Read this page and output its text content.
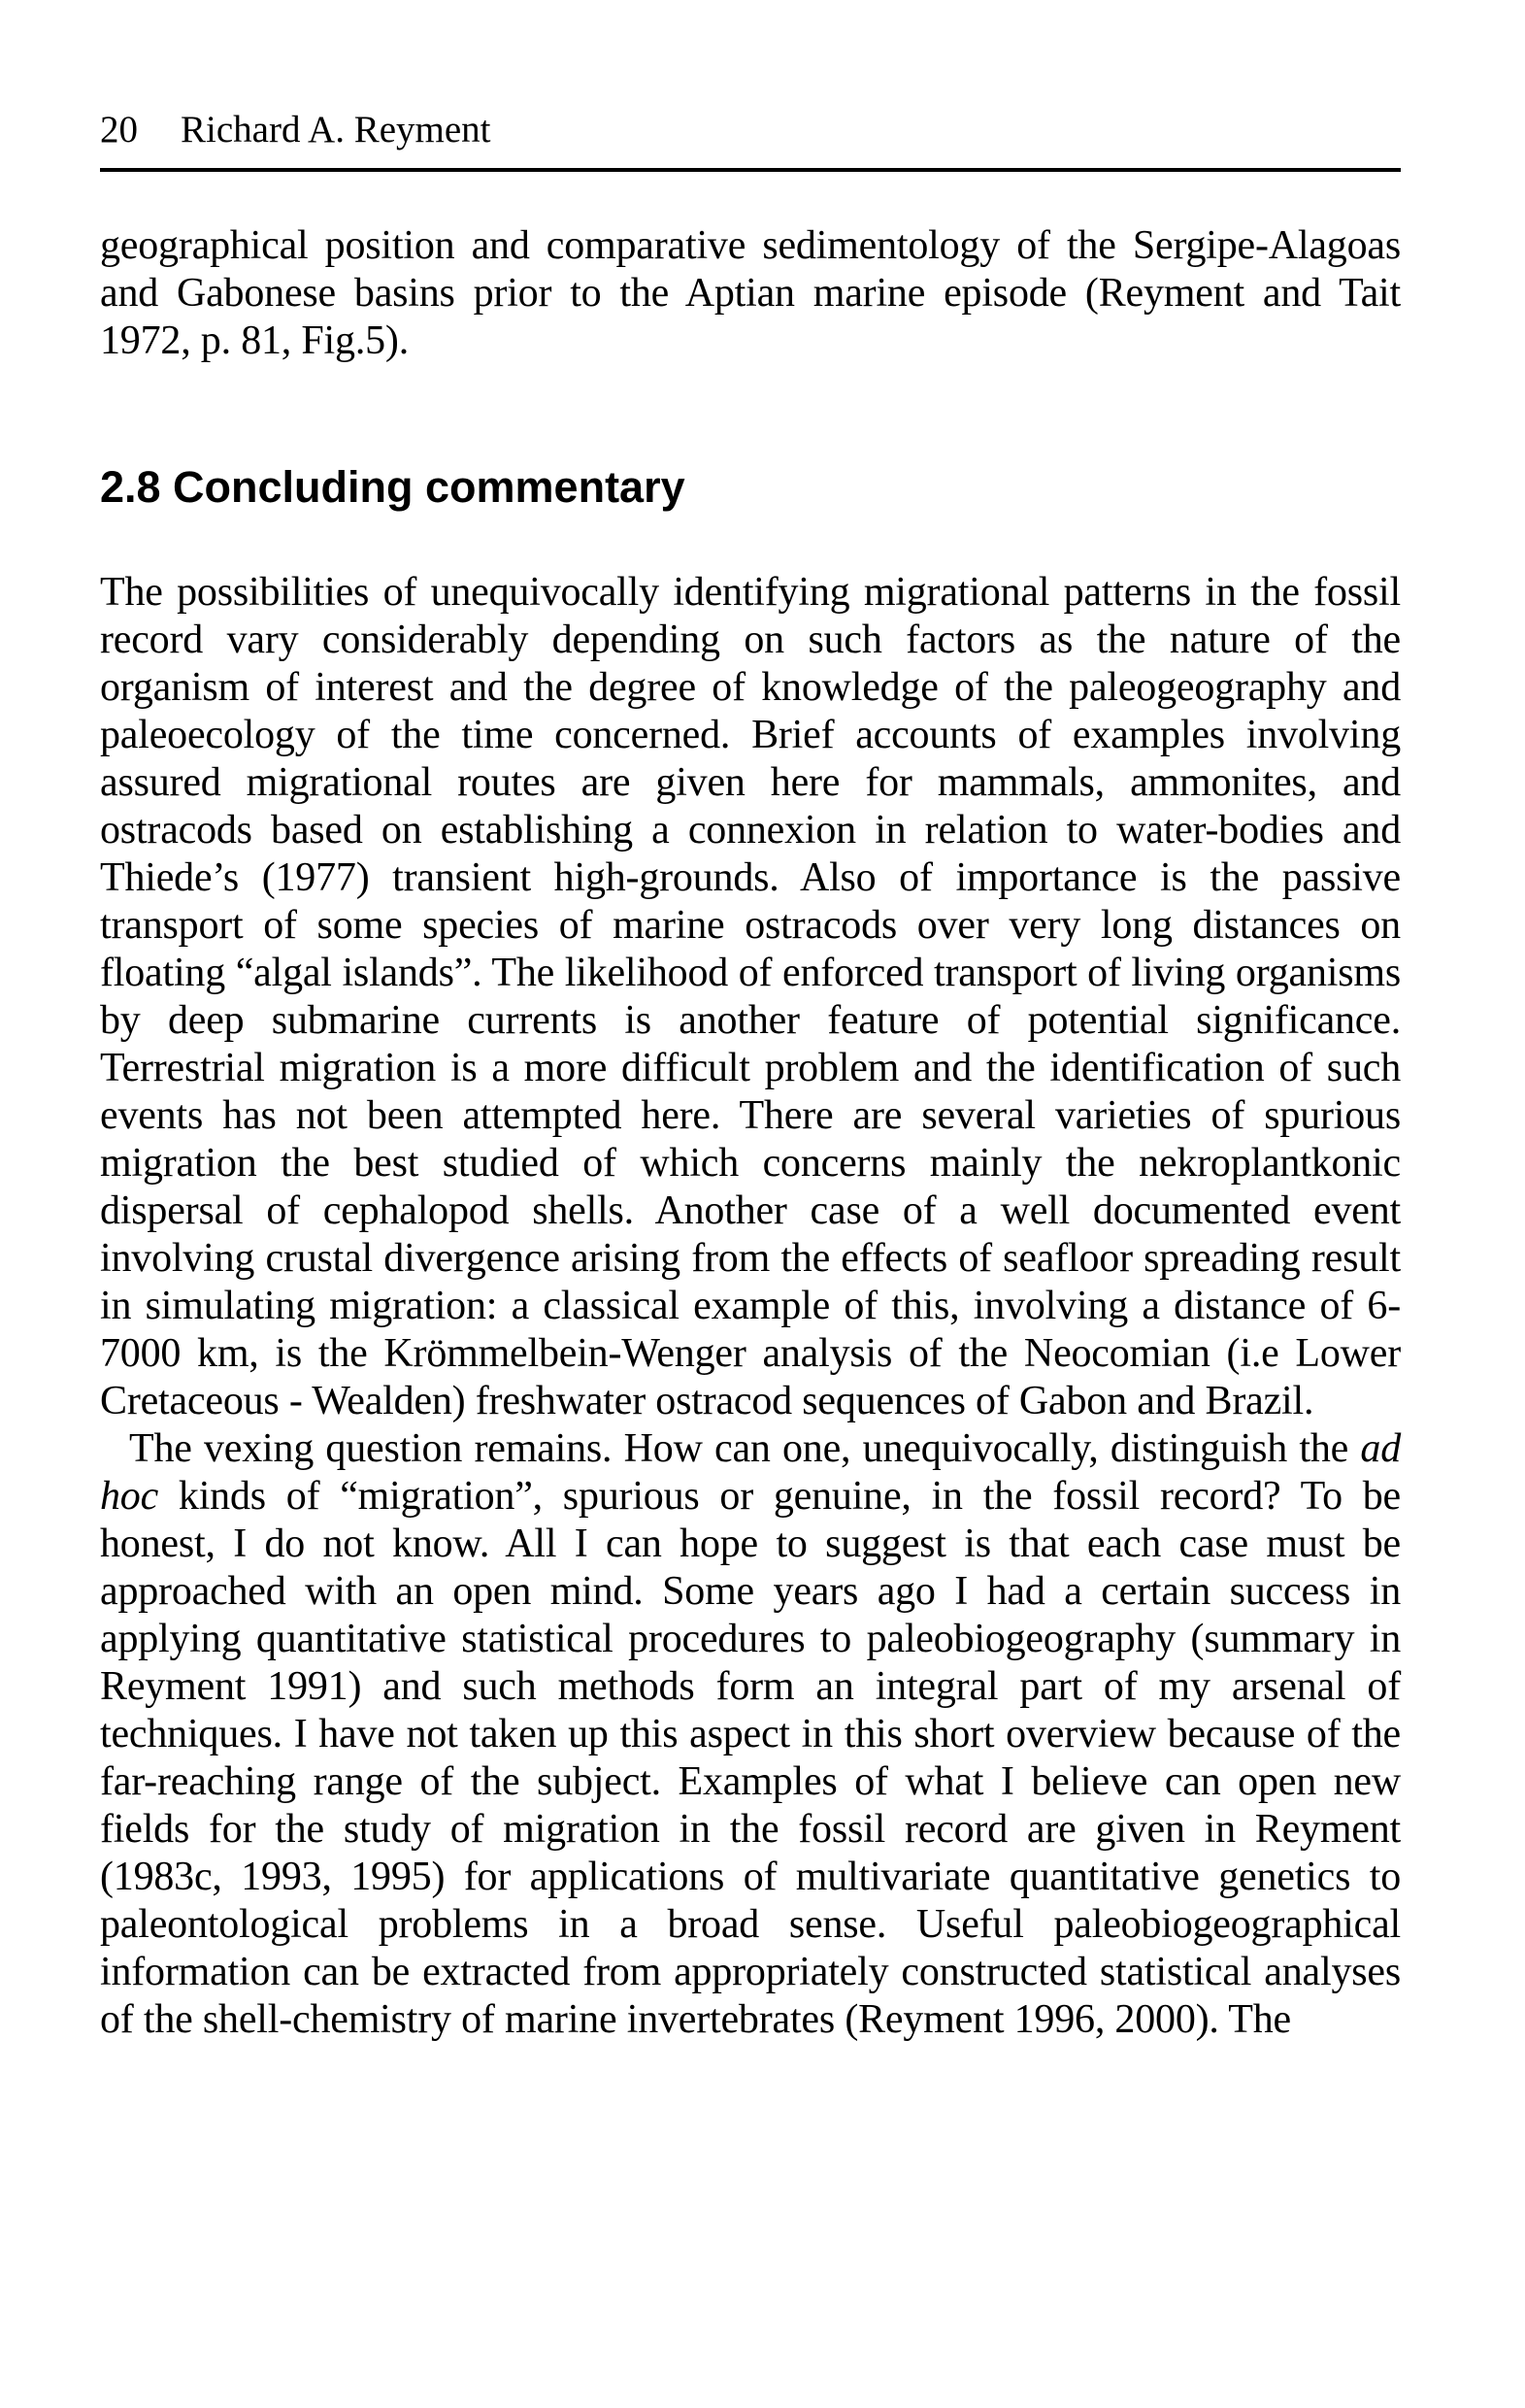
20 Richard A. Reyment

geographical position and comparative sedimentology of the Sergipe-Alagoas and Gabonese basins prior to the Aptian marine episode (Reyment and Tait 1972, p. 81, Fig.5).

2.8 Concluding commentary

The possibilities of unequivocally identifying migrational patterns in the fossil record vary considerably depending on such factors as the nature of the organism of interest and the degree of knowledge of the paleogeography and paleoecology of the time concerned. Brief accounts of examples involving assured migrational routes are given here for mammals, ammonites, and ostracods based on establishing a connexion in relation to water-bodies and Thiede’s (1977) transient high-grounds. Also of importance is the passive transport of some species of marine ostracods over very long distances on floating “algal islands”. The likelihood of enforced transport of living organisms by deep submarine currents is another feature of potential significance. Terrestrial migration is a more difficult problem and the identification of such events has not been attempted here. There are several varieties of spurious migration the best studied of which concerns mainly the nekroplantkonic dispersal of cephalopod shells. Another case of a well documented event involving crustal divergence arising from the effects of seafloor spreading result in simulating migration: a classical example of this, involving a distance of 6-7000 km, is the Krömmelbein-Wenger analysis of the Neocomian (i.e Lower Cretaceous - Wealden) freshwater ostracod sequences of Gabon and Brazil.

The vexing question remains. How can one, unequivocally, distinguish the ad hoc kinds of “migration”, spurious or genuine, in the fossil record? To be honest, I do not know. All I can hope to suggest is that each case must be approached with an open mind. Some years ago I had a certain success in applying quantitative statistical procedures to paleobiogeography (summary in Reyment 1991) and such methods form an integral part of my arsenal of techniques. I have not taken up this aspect in this short overview because of the far-reaching range of the subject. Examples of what I believe can open new fields for the study of migration in the fossil record are given in Reyment (1983c, 1993, 1995) for applications of multivariate quantitative genetics to paleontological problems in a broad sense. Useful paleobiogeographical information can be extracted from appropriately constructed statistical analyses of the shell-chemistry of marine invertebrates (Reyment 1996, 2000). The
